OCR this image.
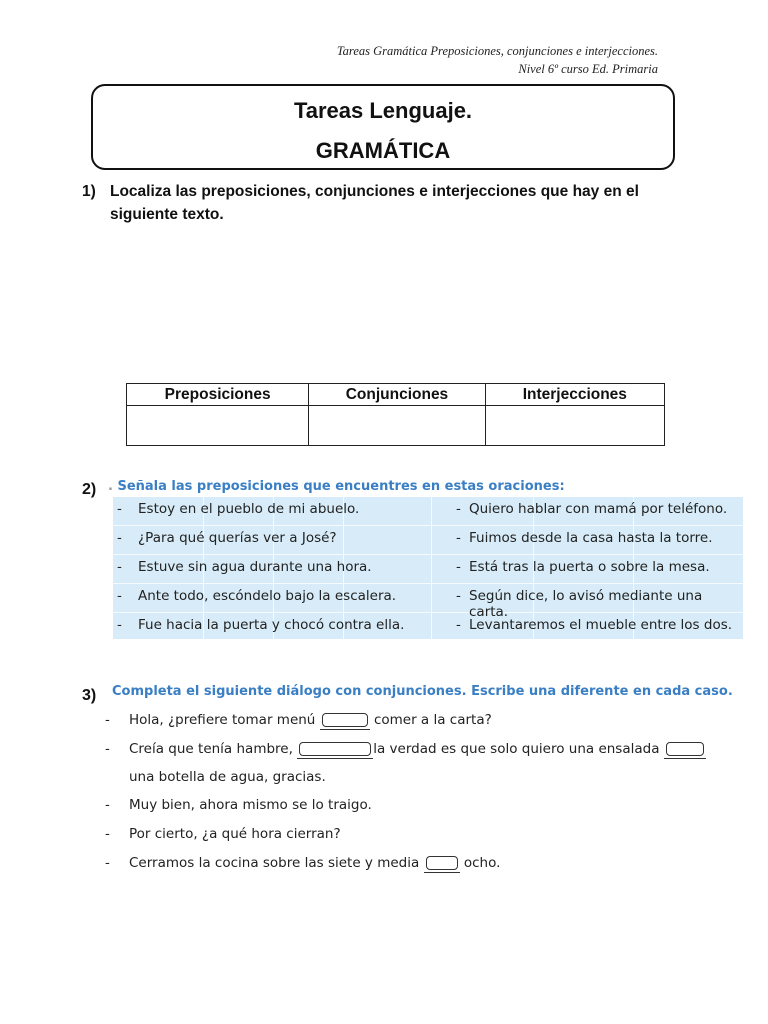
Tareas Gramática Preposiciones, conjunciones e interjecciones.
Nivel 6º curso Ed. Primaria
Tareas Lenguaje.
GRAMÁTICA
1) Localiza las preposiciones, conjunciones e interjecciones que hay en el siguiente texto.
Preposiciones	Conjunciones	Interjecciones

2) . Señala las preposiciones que encuentres en estas oraciones:
- Estoy en el pueblo de mi abuelo.	- Quiero hablar con mamá por teléfono.
- ¿Para qué querías ver a José?	- Fuimos desde la casa hasta la torre.
- Estuve sin agua durante una hora.	- Está tras la puerta o sobre la mesa.
- Ante todo, escóndelo bajo la escalera.	- Según dice, lo avisó mediante una carta.
- Fue hacia la puerta y chocó contra ella.	- Levantaremos el mueble entre los dos.
3) Completa el siguiente diálogo con conjunciones. Escribe una diferente en cada caso.
- Hola, ¿prefiere tomar menú	comer a la carta?
- Creía que tenía hambre,	la verdad es que solo quiero una ensalada
una botella de agua, gracias.
- Muy bien, ahora mismo se lo traigo.
- Por cierto, ¿a qué hora cierran?
- Cerramos la cocina sobre las siete y media	ocho.
